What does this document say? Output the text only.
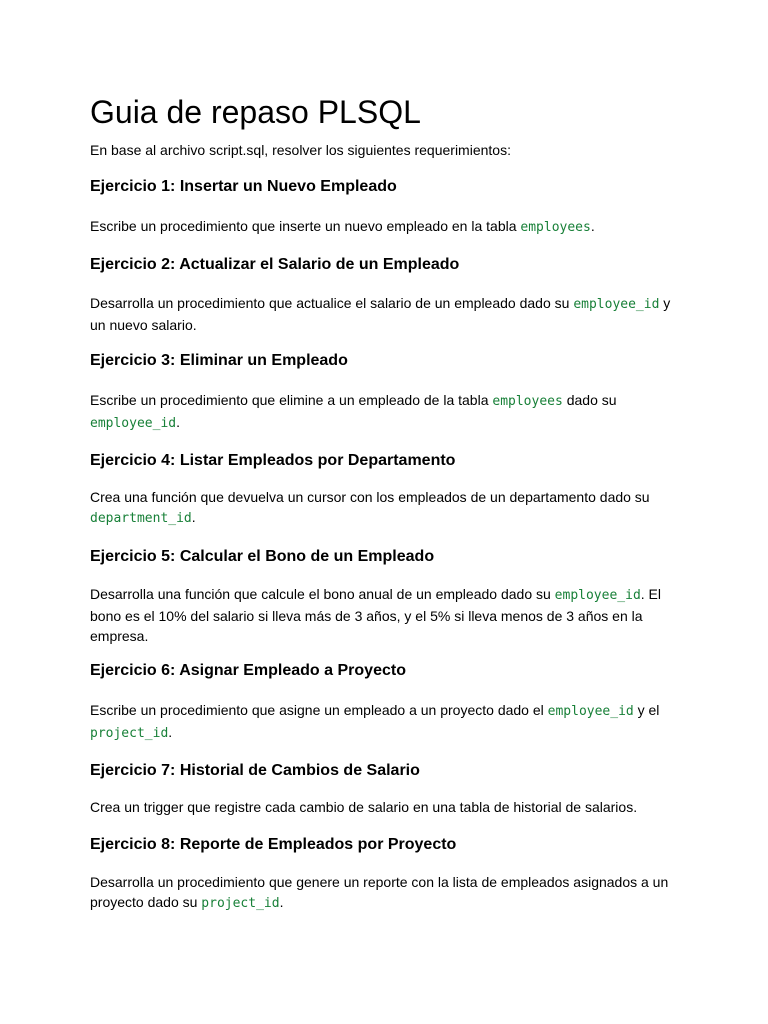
Guia de repaso PLSQL

En base al archivo script.sql, resolver los siguientes requerimientos:

Ejercicio 1: Insertar un Nuevo Empleado

Escribe un procedimiento que inserte un nuevo empleado en la tabla employees.

Ejercicio 2: Actualizar el Salario de un Empleado

Desarrolla un procedimiento que actualice el salario de un empleado dado su employee_id y un nuevo salario.

Ejercicio 3: Eliminar un Empleado

Escribe un procedimiento que elimine a un empleado de la tabla employees dado su
employee_id.

Ejercicio 4: Listar Empleados por Departamento

Crea una función que devuelva un cursor con los empleados de un departamento dado su
department_id.

Ejercicio 5: Calcular el Bono de un Empleado

Desarrolla una función que calcule el bono anual de un empleado dado su employee_id. El bono es el 10% del salario si lleva más de 3 años, y el 5% si lleva menos de 3 años en la empresa.

Ejercicio 6: Asignar Empleado a Proyecto

Escribe un procedimiento que asigne un empleado a un proyecto dado el employee_id y el
project_id.

Ejercicio 7: Historial de Cambios de Salario

Crea un trigger que registre cada cambio de salario en una tabla de historial de salarios.

Ejercicio 8: Reporte de Empleados por Proyecto

Desarrolla un procedimiento que genere un reporte con la lista de empleados asignados a un proyecto dado su project_id.
